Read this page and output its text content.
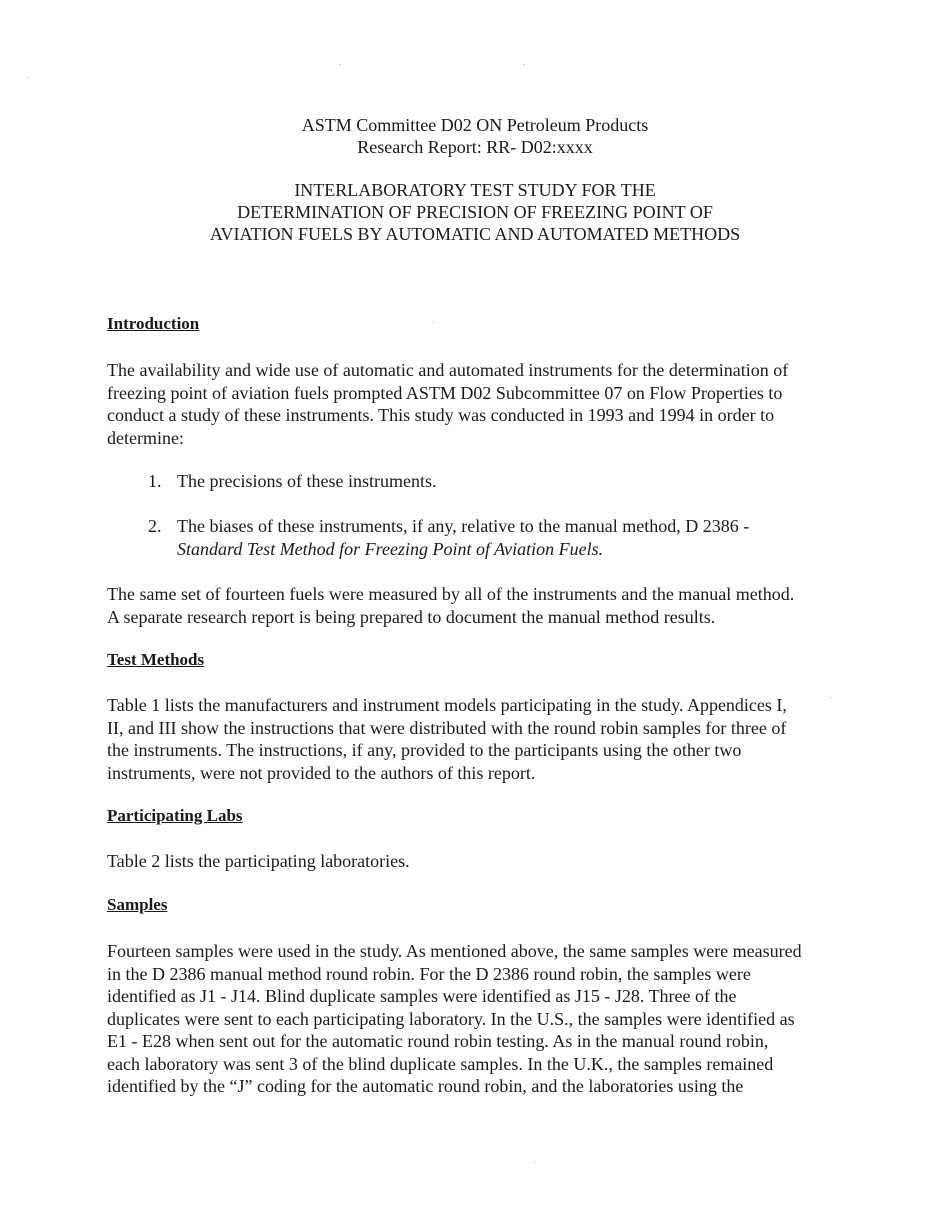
ASTM Committee D02 ON Petroleum Products
Research Report: RR- D02:xxxx
INTERLABORATORY TEST STUDY FOR THE
DETERMINATION OF PRECISION OF FREEZING POINT OF
AVIATION FUELS BY AUTOMATIC AND AUTOMATED METHODS
Introduction
The availability and wide use of automatic and automated instruments for the determination of
freezing point of aviation fuels prompted ASTM D02 Subcommittee 07 on Flow Properties to
conduct a study of these instruments. This study was conducted in 1993 and 1994 in order to
determine:
1. The precisions of these instruments.
2. The biases of these instruments, if any, relative to the manual method, D 2386 -
Standard Test Method for Freezing Point of Aviation Fuels.
The same set of fourteen fuels were measured by all of the instruments and the manual method.
A separate research report is being prepared to document the manual method results.
Test Methods
Table 1 lists the manufacturers and instrument models participating in the study. Appendices I,
II, and III show the instructions that were distributed with the round robin samples for three of
the instruments. The instructions, if any, provided to the participants using the other two
instruments, were not provided to the authors of this report.
Participating Labs
Table 2 lists the participating laboratories.
Samples
Fourteen samples were used in the study. As mentioned above, the same samples were measured
in the D 2386 manual method round robin. For the D 2386 round robin, the samples were
identified as J1 - J14. Blind duplicate samples were identified as J15 - J28. Three of the
duplicates were sent to each participating laboratory. In the U.S., the samples were identified as
E1 - E28 when sent out for the automatic round robin testing. As in the manual round robin,
each laboratory was sent 3 of the blind duplicate samples. In the U.K., the samples remained
identified by the “J” coding for the automatic round robin, and the laboratories using the
